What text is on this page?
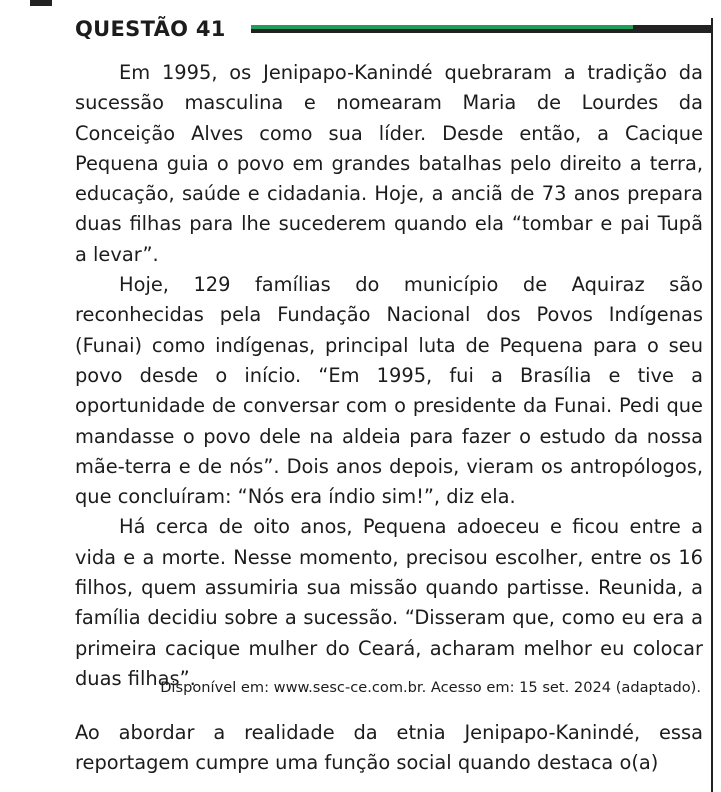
QUESTÃO 41

Em 1995, os Jenipapo-Kanindé quebraram a tradição da sucessão masculina e nomearam Maria de Lourdes da Conceição Alves como sua líder. Desde então, a Cacique Pequena guia o povo em grandes batalhas pelo direito a terra, educação, saúde e cidadania. Hoje, a anciã de 73 anos prepara duas filhas para lhe sucederem quando ela “tombar e pai Tupã a levar”.

Hoje, 129 famílias do município de Aquiraz são reconhecidas pela Fundação Nacional dos Povos Indígenas (Funai) como indígenas, principal luta de Pequena para o seu povo desde o início. “Em 1995, fui a Brasília e tive a oportunidade de conversar com o presidente da Funai. Pedi que mandasse o povo dele na aldeia para fazer o estudo da nossa mãe-terra e de nós”. Dois anos depois, vieram os antropólogos, que concluíram: “Nós era índio sim!”, diz ela.

Há cerca de oito anos, Pequena adoeceu e ficou entre a vida e a morte. Nesse momento, precisou escolher, entre os 16 filhos, quem assumiria sua missão quando partisse. Reunida, a família decidiu sobre a sucessão. “Disseram que, como eu era a primeira cacique mulher do Ceará, acharam melhor eu colocar duas filhas”.

Disponível em: www.sesc-ce.com.br. Acesso em: 15 set. 2024 (adaptado).

Ao abordar a realidade da etnia Jenipapo-Kanindé, essa reportagem cumpre uma função social quando destaca o(a)
